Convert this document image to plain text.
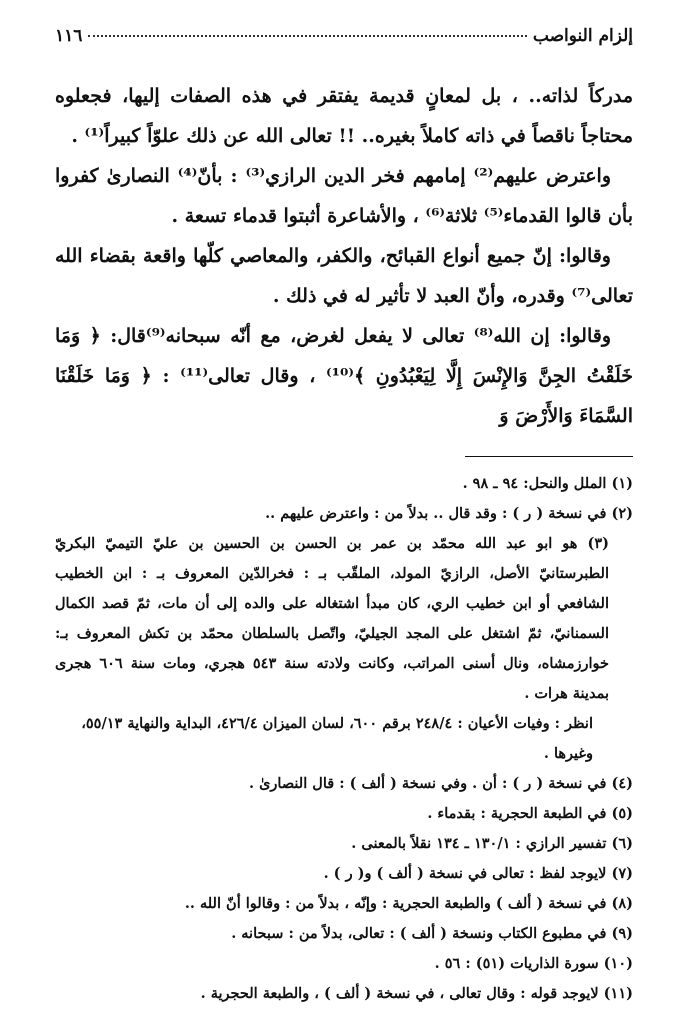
إلزام النواصب
١١٦

مدركاً لذاته.. ، بل لمعانٍ قديمة يفتقر في هذه الصفات إليها، فجعلوه محتاجاً ناقصاً في ذاته كاملاً بغيره.. !! تعالى الله عن ذلك علوّاً كبيراً⁽¹⁾ .

واعترض عليهم⁽²⁾ إمامهم فخر الدين الرازي⁽³⁾ : بأنّ⁽⁴⁾ النصارىٰ كفروا بأن قالوا القدماء⁽⁵⁾ ثلاثة⁽⁶⁾ ، والأشاعرة أثبتوا قدماء تسعة .

وقالوا: إنّ جميع أنواع القبائح، والكفر، والمعاصي كلّها واقعة بقضاء الله تعالى⁽⁷⁾ وقدره، وأنّ العبد لا تأثير له في ذلك .

وقالوا: إن الله⁽⁸⁾ تعالى لا يفعل لغرض، مع أنّه سبحانه⁽⁹⁾قال: ﴿ وَمَا خَلَقْتُ الجِنَّ وَالإِنْسَ إِلَّا لِيَعْبُدُونِ ﴾⁽¹⁰⁾ ، وقال تعالى⁽¹¹⁾ : ﴿ وَمَا خَلَقْنَا السَّمَاءَ وَالأَرْضَ وَ

(١) الملل والنحل: ٩٤ ـ ٩٨ .

(٢) في نسخة ( ر ) : وقد قال .. بدلاً من : واعترض عليهم ..

(٣) هو ابو عبد الله محمّد بن عمر بن الحسن بن الحسين بن عليّ التيميّ البكريّ الطبرستانيّ الأصل، الرازيّ المولد، الملقّب بـ : فخرالدّين المعروف بـ : ابن الخطيب الشافعي أو ابن خطيب الري، كان مبدأ اشتغاله على والده إلى أن مات، ثمّ قصد الكمال السمنانيّ، ثمّ اشتغل على المجد الجيليّ، واتّصل بالسلطان محمّد بن تكش المعروف بـ: خوارزمشاه، ونال أسنى المراتب، وكانت ولادته سنة ٥٤٣ هجري، ومات سنة ٦٠٦ هجرى بمدينة هرات .

انظر : وفيات الأعيان : ٢٤٨/٤ برقم ٦٠٠، لسان الميزان ٤٢٦/٤، البداية والنهاية ٥٥/١٣، وغيرها .

(٤) في نسخة ( ر ) : أن . وفي نسخة ( ألف ) : قال النصارىٰ .

(٥) في الطبعة الحجرية : بقدماء .

(٦) تفسير الرازي : ١٣٠/١ ـ ١٣٤ نقلاً بالمعنى .

(٧) لايوجد لفظ : تعالى في نسخة ( ألف ) و( ر ) .

(٨) في نسخة ( ألف ) والطبعة الحجرية : وإنّه ، بدلاً من : وقالوا أنّ الله ..

(٩) في مطبوع الكتاب ونسخة ( ألف ) : تعالى، بدلاً من : سبحانه .

(١٠) سورة الذاريات (٥١) : ٥٦ .

(١١) لايوجد قوله : وقال تعالى ، في نسخة ( ألف ) ، والطبعة الحجرية .
